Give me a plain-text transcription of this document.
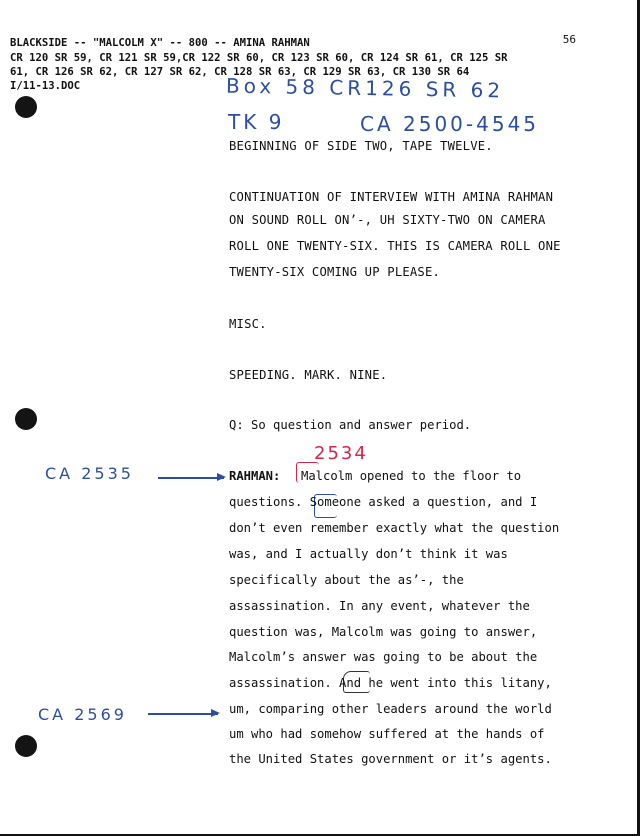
BLACKSIDE -- "MALCOLM X" -- 800 -- AMINA RAHMAN
CR 120 SR 59, CR 121 SR 59,CR 122 SR 60, CR 123 SR 60, CR 124 SR 61, CR 125 SR
61, CR 126 SR 62, CR 127 SR 62, CR 128 SR 63, CR 129 SR 63, CR 130 SR 64
I/11-13.DOC
56
Box 58 CR126 SR 62
TK 9	CA 2500-4545
BEGINNING OF SIDE TWO, TAPE TWELVE.
CONTINUATION OF INTERVIEW WITH AMINA RAHMAN
ON SOUND ROLL ON’-, UH SIXTY-TWO ON CAMERA
ROLL ONE TWENTY-SIX. THIS IS CAMERA ROLL ONE
TWENTY-SIX COMING UP PLEASE.
MISC.
SPEEDING. MARK. NINE.
Q: So question and answer period.
2534
CA 2535	RAHMAN: Malcolm opened to the floor to
questions. Someone asked a question, and I
don’t even remember exactly what the question
was, and I actually don’t think it was
specifically about the as’-, the
assassination. In any event, whatever the
question was, Malcolm was going to answer,
Malcolm’s answer was going to be about the
assassination. And he went into this litany,
CA 2569	um, comparing other leaders around the world
um who had somehow suffered at the hands of
the United States government or it’s agents.
